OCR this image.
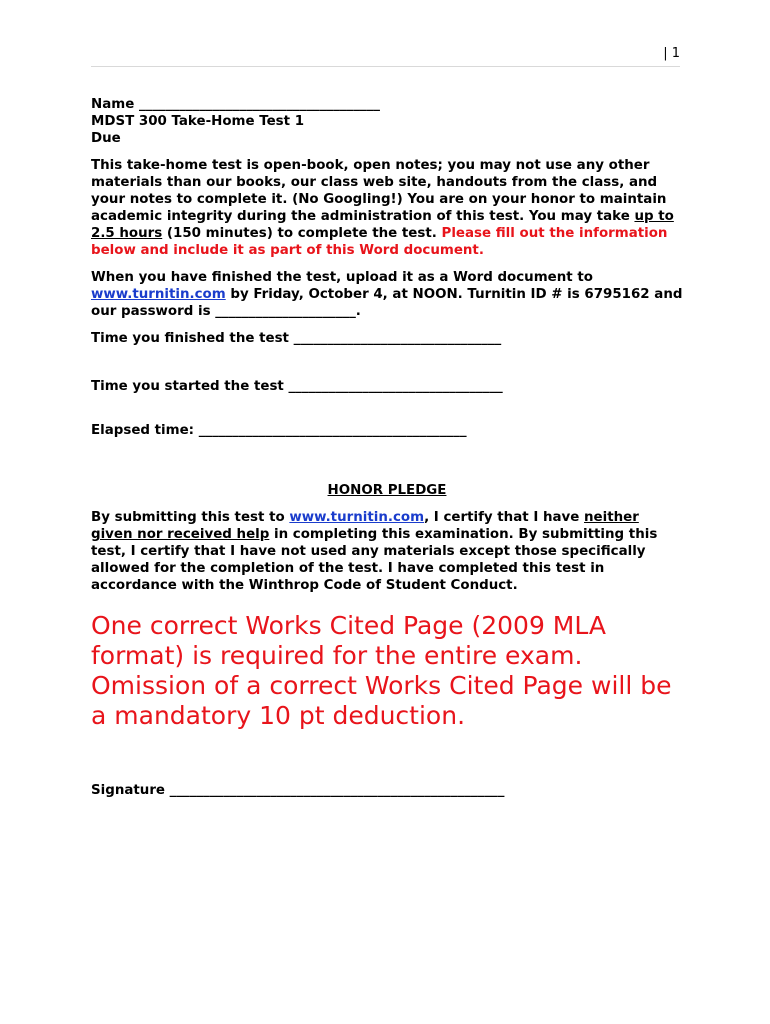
| 1

Name ____________________________________

MDST 300 Take-Home Test 1

Due

This take-home test is open-book, open notes; you may not use any other materials than our books, our class web site, handouts from the class, and your notes to complete it. (No Googling!) You are on your honor to maintain academic integrity during the administration of this test. You may take up to 2.5 hours (150 minutes) to complete the test. Please fill out the information below and include it as part of this Word document.

When you have finished the test, upload it as a Word document to www.turnitin.com by Friday, October 4, at NOON. Turnitin ID # is 6795162 and our password is _____________________.

Time you finished the test _______________________________

Time you started the test ________________________________

Elapsed time: ________________________________________

HONOR PLEDGE

By submitting this test to www.turnitin.com, I certify that I have neither given nor received help in completing this examination. By submitting this test, I certify that I have not used any materials except those specifically allowed for the completion of the test. I have completed this test in accordance with the Winthrop Code of Student Conduct.

One correct Works Cited Page (2009 MLA format) is required for the entire exam. Omission of a correct Works Cited Page will be a mandatory 10 pt deduction.

Signature __________________________________________________
